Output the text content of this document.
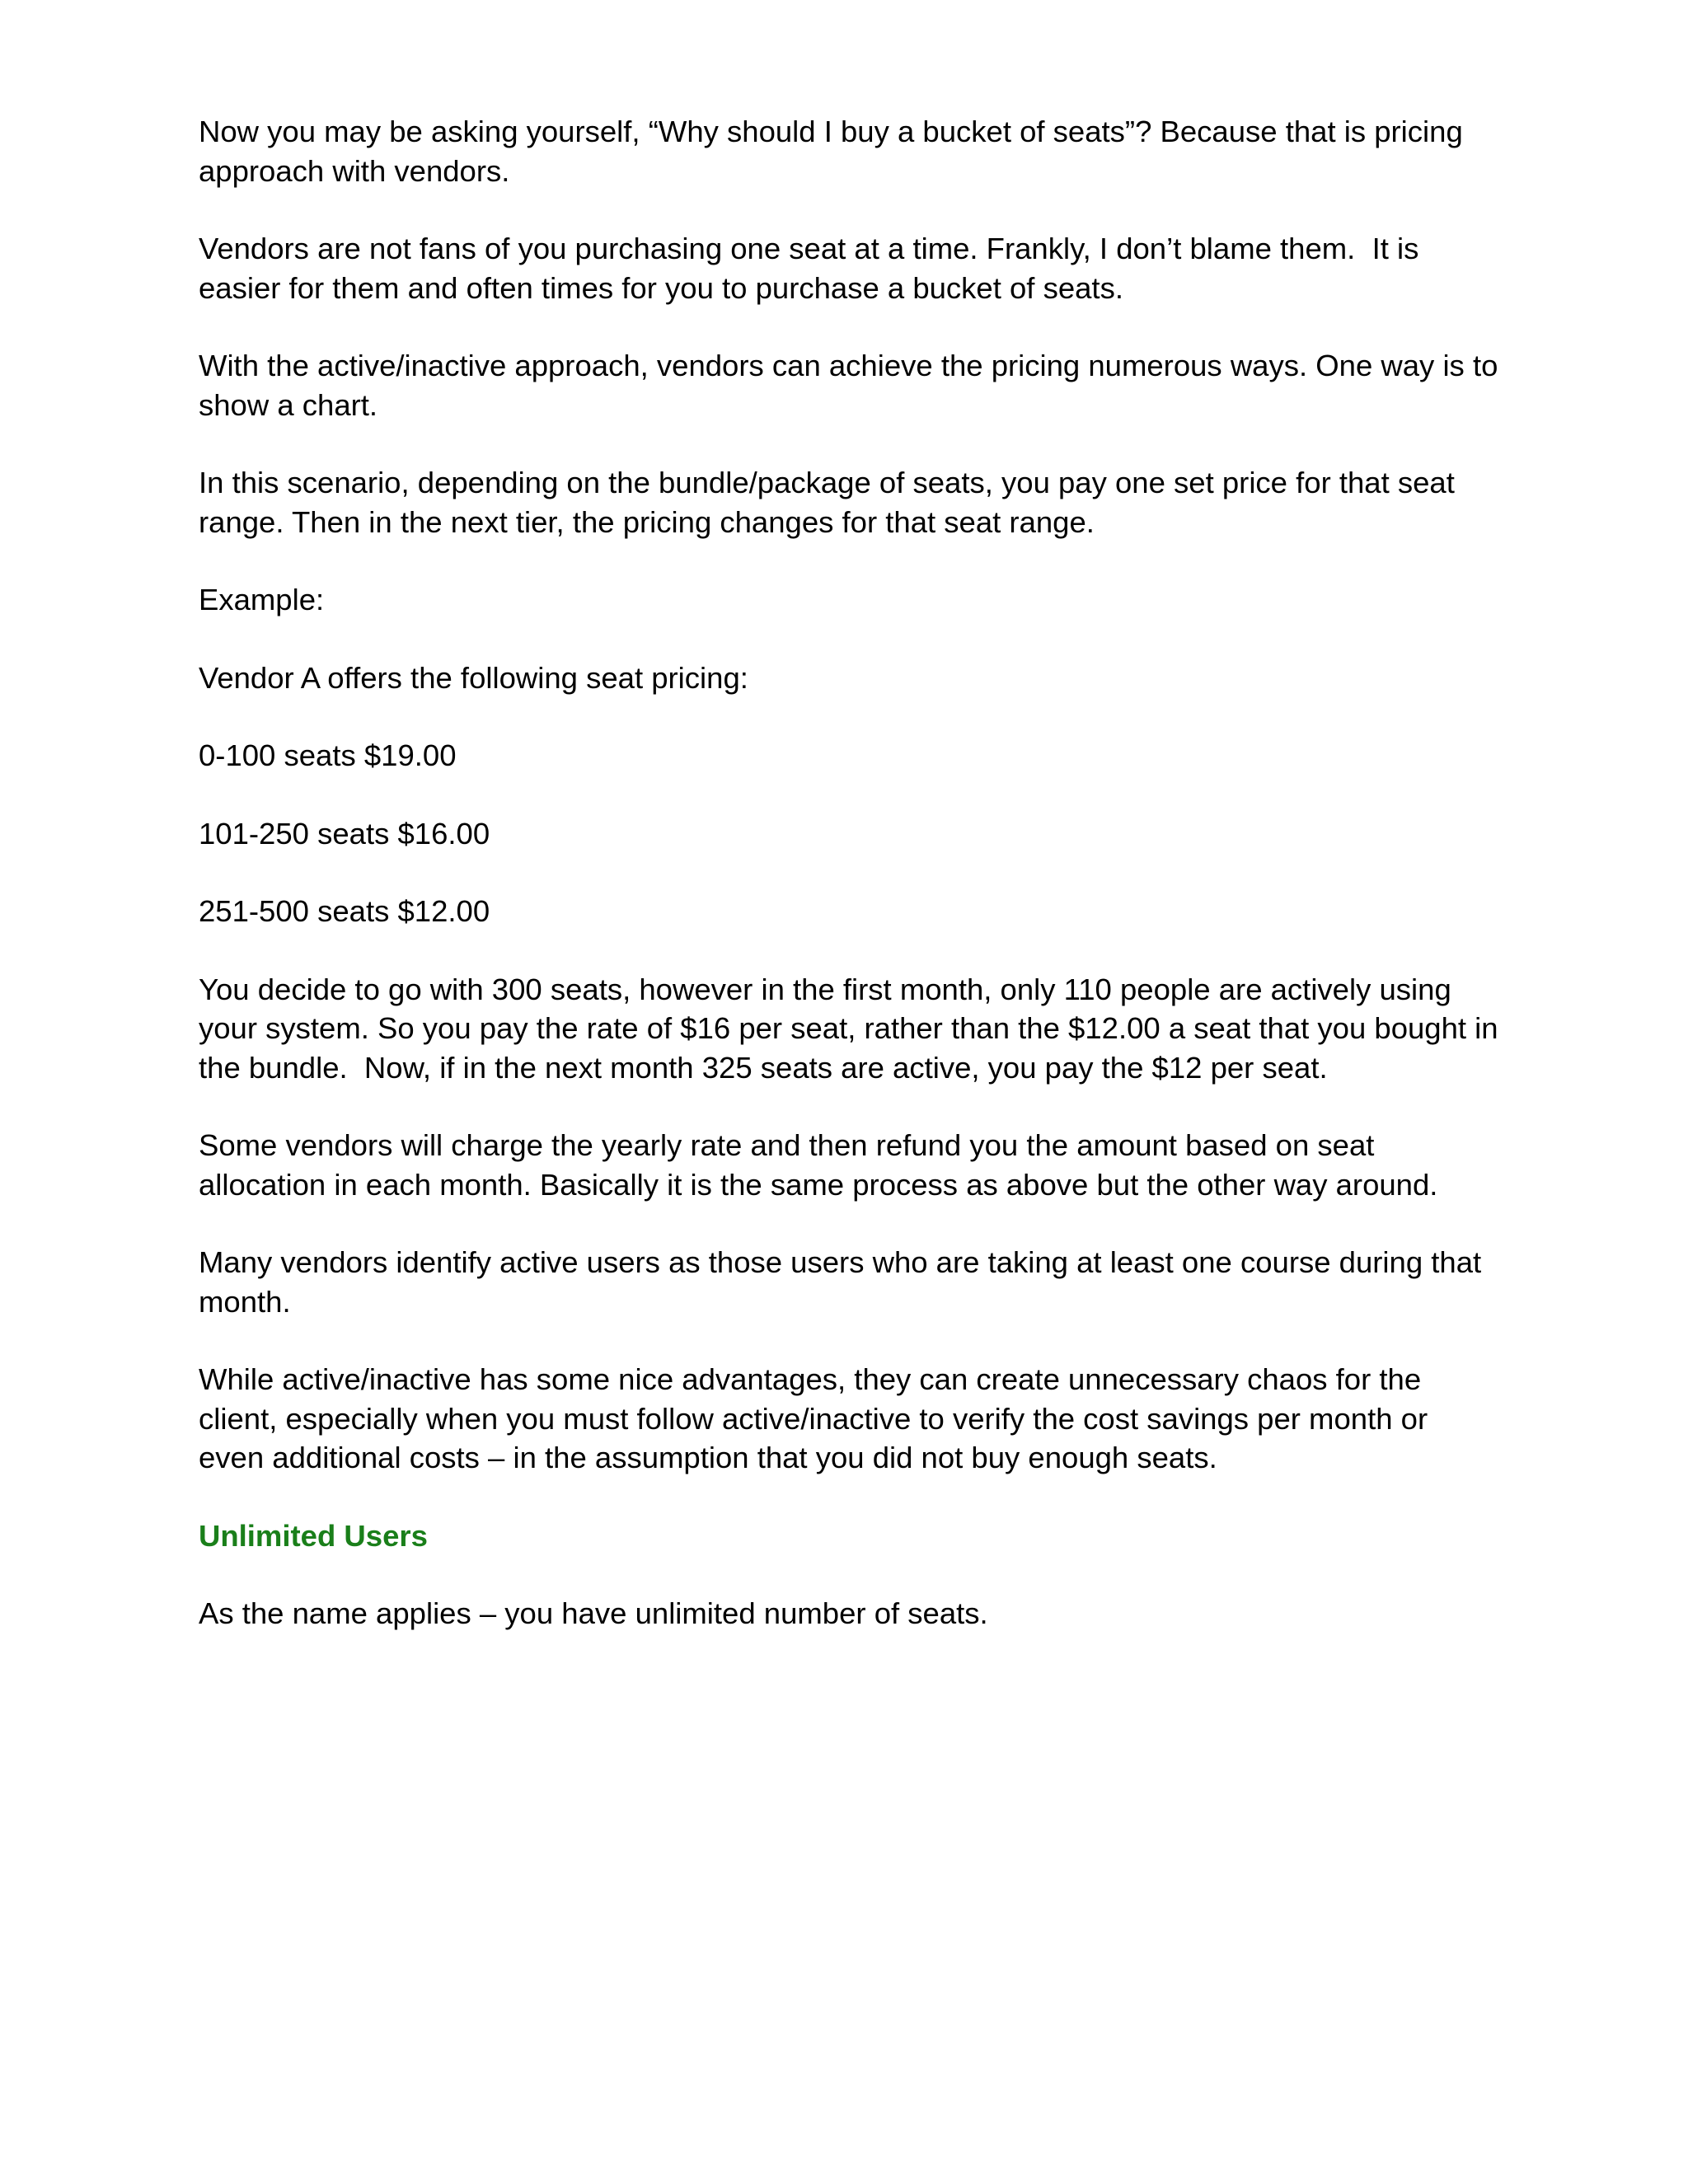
Now you may be asking yourself, “Why should I buy a bucket of seats”? Because that is pricing approach with vendors.

Vendors are not fans of you purchasing one seat at a time. Frankly, I don’t blame them.  It is easier for them and often times for you to purchase a bucket of seats.

With the active/inactive approach, vendors can achieve the pricing numerous ways. One way is to show a chart.

In this scenario, depending on the bundle/package of seats, you pay one set price for that seat range. Then in the next tier, the pricing changes for that seat range.

Example:

Vendor A offers the following seat pricing:

0-100 seats $19.00

101-250 seats $16.00

251-500 seats $12.00

You decide to go with 300 seats, however in the first month, only 110 people are actively using your system. So you pay the rate of $16 per seat, rather than the $12.00 a seat that you bought in the bundle.  Now, if in the next month 325 seats are active, you pay the $12 per seat.

Some vendors will charge the yearly rate and then refund you the amount based on seat allocation in each month. Basically it is the same process as above but the other way around.

Many vendors identify active users as those users who are taking at least one course during that month.

While active/inactive has some nice advantages, they can create unnecessary chaos for the client, especially when you must follow active/inactive to verify the cost savings per month or even additional costs – in the assumption that you did not buy enough seats.

Unlimited Users

As the name applies – you have unlimited number of seats.
